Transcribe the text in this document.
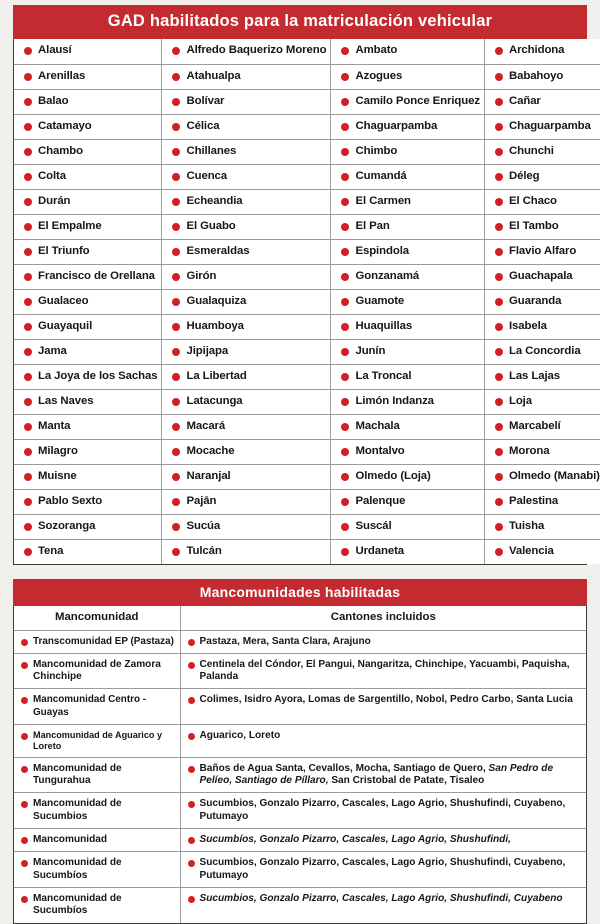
GAD habilitados para la matriculación vehicular
Alausí	Alfredo Baquerizo Moreno	Ambato	Archidona

Arenillas	Atahualpa	Azogues	Babahoyo

Balao	Bolívar	Camilo Ponce Enriquez	Cañar

Catamayo	Célica	Chaguarpamba	Chaguarpamba

Chambo	Chillanes	Chimbo	Chunchi

Colta	Cuenca	Cumandá	Déleg

Durán	Echeandia	El Carmen	El Chaco

El Empalme	El Guabo	El Pan	El Tambo

El Triunfo	Esmeraldas	Espindola	Flavio Alfaro

Francisco de Orellana	Girón	Gonzanamá	Guachapala

Gualaceo	Gualaquiza	Guamote	Guaranda

Guayaquil	Huamboya	Huaquillas	Isabela

Jama	Jipijapa	Junín	La Concordia

La Joya de los Sachas	La Libertad	La Troncal	Las Lajas

Las Naves	Latacunga	Limón Indanza	Loja

Manta	Macará	Machala	Marcabelí

Milagro	Mocache	Montalvo	Morona

Muisne	Naranjal	Olmedo (Loja)	Olmedo (Manabi)

Pablo Sexto	Pajān	Palenque	Palestina

Sozoranga	Sucúa	Suscál	Tuisha

Tena	Tulcán	Urdaneta	Valencia
Mancomunidades habilitadas
Mancomunidad	Cantones incluidos

Transcomunidad EP (Pastaza)	Pastaza, Mera, Santa Clara, Arajuno

Mancomunidad de Zamora Chinchipe	Centinela del Cóndor, El Pangui, Nangaritza, Chinchipe, Yacuambi, Paquisha, Palanda

Mancomunidad Centro - Guayas	Colimes, Isidro Ayora, Lomas de Sargentillo, Nobol, Pedro Carbo, Santa Lucia

Mancomunidad de Aguarico y Loreto	Aguarico, Loreto

Mancomunidad de Tungurahua	Baños de Agua Santa, Cevallos, Mocha, Santiago de Quero, San Pedro de Pelíeo, Santiago de Píllaro, San Cristobal de Patate, Tisaleo

Mancomunidad de Sucumbios	Sucumbios, Gonzalo Pizarro, Cascales, Lago Agrio, Shushufindi, Cuyabeno, Putumayo

Mancomunidad	Sucumbíos, Gonzalo Pizarro, Cascales, Lago Agrio, Shushufindi,

Mancomunidad de Sucumbíos	Sucumbios, Gonzalo Pizarro, Cascales, Lago Agrio, Shushufindi, Cuyabeno, Putumayo

Mancomunidad de Sucumbíos	Sucumbios, Gonzalo Pizarro, Cascales, Lago Agrio, Shushufindi, Cuyabeno
